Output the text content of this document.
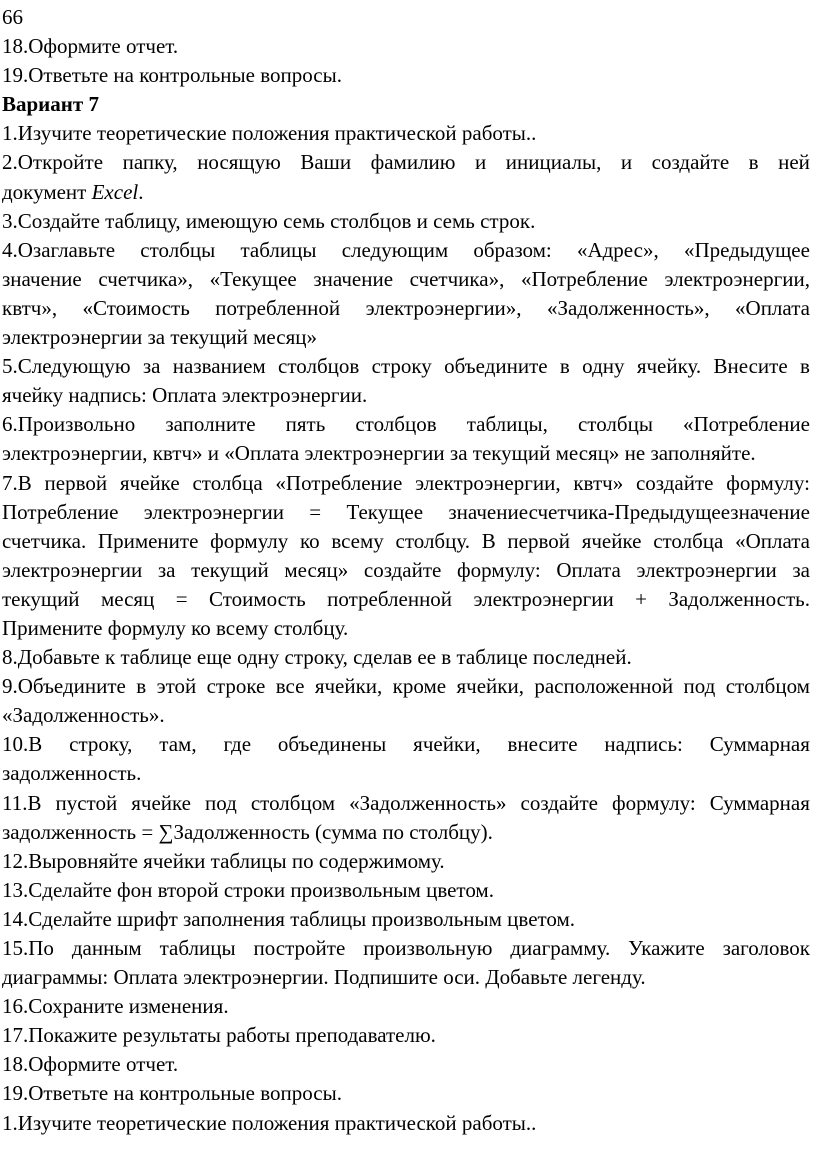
66
18.Оформите отчет.
19.Ответьте на контрольные вопросы.
Вариант 7
1.Изучите теоретические положения практической работы..
2.Откройте папку, носящую Ваши фамилию и инициалы, и создайте в ней
документ Excel.
3.Создайте таблицу, имеющую семь столбцов и семь строк.
4.Озаглавьте столбцы таблицы следующим образом: «Адрес», «Предыдущее
значение счетчика», «Текущее значение счетчика», «Потребление электроэнергии,
квтч», «Стоимость потребленной электроэнергии», «Задолженность», «Оплата
электроэнергии за текущий месяц»
5.Следующую за названием столбцов строку объедините в одну ячейку. Внесите в
ячейку надпись: Оплата электроэнергии.
6.Произвольно заполните пять столбцов таблицы, столбцы «Потребление
электроэнергии, квтч» и «Оплата электроэнергии за текущий месяц» не заполняйте.
7.В первой ячейке столбца «Потребление электроэнергии, квтч» создайте формулу:
Потребление электроэнергии = Текущее значениесчетчика-Предыдущеезначение
счетчика. Примените формулу ко всему столбцу. В первой ячейке столбца «Оплата
электроэнергии за текущий месяц» создайте формулу: Оплата электроэнергии за
текущий месяц = Стоимость потребленной электроэнергии + Задолженность.
Примените формулу ко всему столбцу.
8.Добавьте к таблице еще одну строку, сделав ее в таблице последней.
9.Объедините в этой строке все ячейки, кроме ячейки, расположенной под столбцом
«Задолженность».
10.В строку, там, где объединены ячейки, внесите надпись: Суммарная
задолженность.
11.В пустой ячейке под столбцом «Задолженность» создайте формулу: Суммарная
задолженность = ∑Задолженность (сумма по столбцу).
12.Выровняйте ячейки таблицы по содержимому.
13.Сделайте фон второй строки произвольным цветом.
14.Сделайте шрифт заполнения таблицы произвольным цветом.
15.По данным таблицы постройте произвольную диаграмму. Укажите заголовок
диаграммы: Оплата электроэнергии. Подпишите оси. Добавьте легенду.
16.Сохраните изменения.
17.Покажите результаты работы преподавателю.
18.Оформите отчет.
19.Ответьте на контрольные вопросы.
1.Изучите теоретические положения практической работы..
